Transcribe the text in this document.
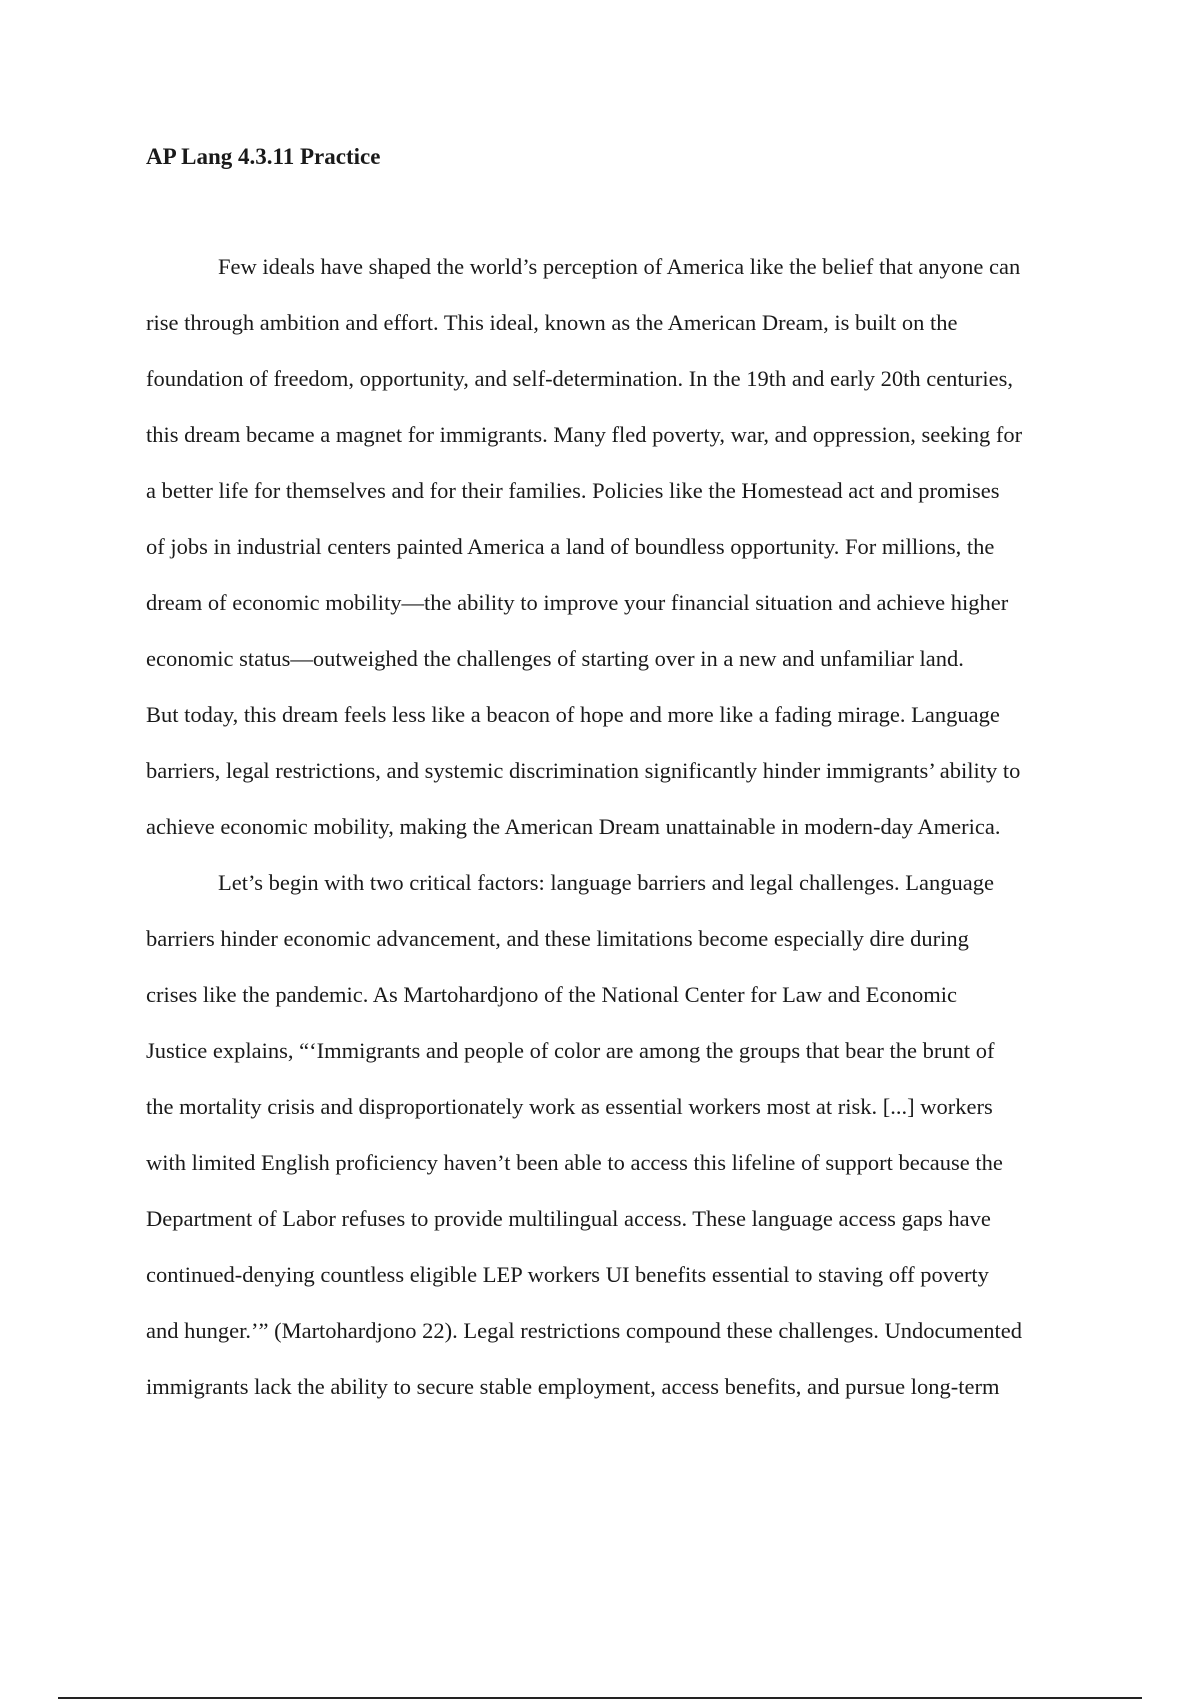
AP Lang 4.3.11 Practice
Few ideals have shaped the world’s perception of America like the belief that anyone can
rise through ambition and effort. This ideal, known as the American Dream, is built on the
foundation of freedom, opportunity, and self-determination. In the 19th and early 20th centuries,
this dream became a magnet for immigrants. Many fled poverty, war, and oppression, seeking for
a better life for themselves and for their families. Policies like the Homestead act and promises
of jobs in industrial centers painted America a land of boundless opportunity. For millions, the
dream of economic mobility—the ability to improve your financial situation and achieve higher
economic status—outweighed the challenges of starting over in a new and unfamiliar land.
But today, this dream feels less like a beacon of hope and more like a fading mirage. Language
barriers, legal restrictions, and systemic discrimination significantly hinder immigrants’ ability to
achieve economic mobility, making the American Dream unattainable in modern-day America.
Let’s begin with two critical factors: language barriers and legal challenges. Language
barriers hinder economic advancement, and these limitations become especially dire during
crises like the pandemic. As Martohardjono of the National Center for Law and Economic
Justice explains, “‘Immigrants and people of color are among the groups that bear the brunt of
the mortality crisis and disproportionately work as essential workers most at risk. [...] workers
with limited English proficiency haven’t been able to access this lifeline of support because the
Department of Labor refuses to provide multilingual access. These language access gaps have
continued-denying countless eligible LEP workers UI benefits essential to staving off poverty
and hunger.’” (Martohardjono 22). Legal restrictions compound these challenges. Undocumented
immigrants lack the ability to secure stable employment, access benefits, and pursue long-term
